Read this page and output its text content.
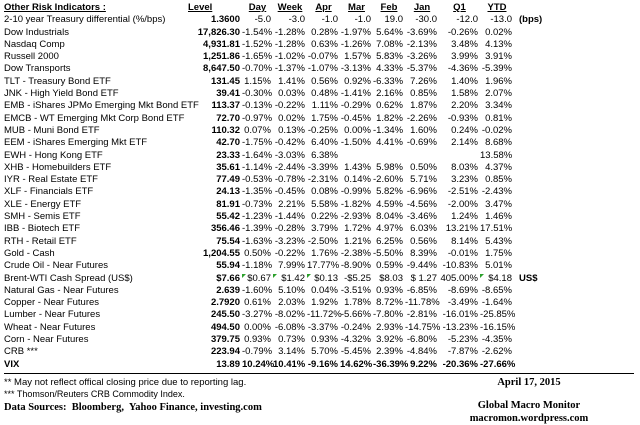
Other Risk Indicators :	Level	Day	Week	Apr	Mar	Feb	Jan	Q1	YTD	
2-10 year Treasury differential (%/bps)	1.3600	-5.0	-3.0	-1.0	-1.0	19.0	-30.0	-12.0	-13.0	(bps)
Dow Industrials	17,826.30	-1.54%	-1.28%	0.28%	-1.97%	5.64%	-3.69%	-0.26%	0.02%	
Nasdaq Comp	4,931.81	-1.52%	-1.28%	0.63%	-1.26%	7.08%	-2.13%	3.48%	4.13%	
Russell 2000	1,251.86	-1.65%	-1.02%	-0.07%	1.57%	5.83%	-3.26%	3.99%	3.91%	
Dow Transports	8,647.50	-0.70%	-1.37%	-1.07%	-3.13%	4.33%	-5.37%	-4.36%	-5.39%	
TLT - Treasury Bond ETF	131.45	1.15%	1.41%	0.56%	0.92%	-6.33%	7.26%	1.40%	1.96%	
JNK - High Yield Bond ETF	39.41	-0.30%	0.03%	0.48%	-1.41%	2.16%	0.85%	1.58%	2.07%	
EMB - iShares JPMo Emerging Mkt Bond ETF	113.37	-0.13%	-0.22%	1.11%	-0.29%	0.62%	1.87%	2.20%	3.34%	
EMCB - WT Emerging Mkt Corp Bond ETF	72.70	-0.97%	0.02%	1.75%	-0.45%	1.82%	-2.26%	-0.93%	0.81%	
MUB - Muni Bond ETF	110.32	0.07%	0.13%	-0.25%	0.00%	-1.34%	1.60%	0.24%	-0.02%	
EEM - iShares Emerging Mkt ETF	42.70	-1.75%	-0.42%	6.40%	-1.50%	4.41%	-0.69%	2.14%	8.68%	
EWH - Hong Kong ETF	23.33	-1.64%	-3.03%	6.38%					13.58%	
XHB - Homebuilders ETF	35.61	-1.14%	-2.44%	-3.39%	1.43%	5.98%	0.50%	8.03%	4.37%	
IYR - Real Estate ETF	77.49	-0.53%	-0.78%	-2.31%	0.14%	-2.60%	5.71%	3.23%	0.85%	
XLF - Financials ETF	24.13	-1.35%	-0.45%	0.08%	-0.99%	5.82%	-6.96%	-2.51%	-2.43%	
XLE - Energy ETF	81.91	-0.73%	2.21%	5.58%	-1.82%	4.59%	-4.56%	-2.00%	3.47%	
SMH - Semis ETF	55.42	-1.23%	-1.44%	0.22%	-2.93%	8.04%	-3.46%	1.24%	1.46%	
IBB - Biotech ETF	356.46	-1.39%	-0.28%	3.79%	1.72%	4.97%	6.03%	13.21%	17.51%	
RTH - Retail ETF	75.54	-1.63%	-3.23%	-2.50%	1.21%	6.25%	0.56%	8.14%	5.43%	
Gold - Cash	1,204.55	0.50%	-0.22%	1.76%	-2.38%	-5.50%	8.39%	-0.01%	1.75%	
Crude Oil - Near Futures	55.94	-1.18%	7.99%	17.77%	-8.90%	0.59%	-9.44%	-10.83%	5.01%	
Brent-WTI Cash Spread (US$)	$7.66	$0.67	$1.42	$0.13	-$5.25	$8.03	$ 1.27	405.00%	$4.18	US$
Natural Gas - Near Futures	2.639	-1.60%	5.10%	0.04%	-3.51%	0.93%	-6.85%	-8.69%	-8.65%	
Copper - Near Futures	2.7920	0.61%	2.03%	1.92%	1.78%	8.72%	-11.78%	-3.49%	-1.64%	
Lumber - Near Futures	245.50	-3.27%	-8.02%	-11.72%	-5.66%	-7.80%	-2.81%	-16.01%	-25.85%	
Wheat - Near Futures	494.50	0.00%	-6.08%	-3.37%	-0.24%	2.93%	-14.75%	-13.23%	-16.15%	
Corn - Near Futures	379.75	0.93%	0.73%	0.93%	-4.32%	3.92%	-6.80%	-5.23%	-4.35%	
CRB ***	223.94	-0.79%	3.14%	5.70%	-5.45%	2.39%	-4.84%	-7.87%	-2.62%	
VIX	13.89	10.24%	10.41%	-9.16%	14.62%	-36.39%	9.22%	-20.36%	-27.66%	
** May not reflect offical closing price due to reporting lag.
*** Thomson/Reuters CRB Commodity Index.
Data Sources:  Bloomberg,  Yahoo Finance, investing.com
April 17, 2015
Global Macro Monitor
macromon.wordpress.com
